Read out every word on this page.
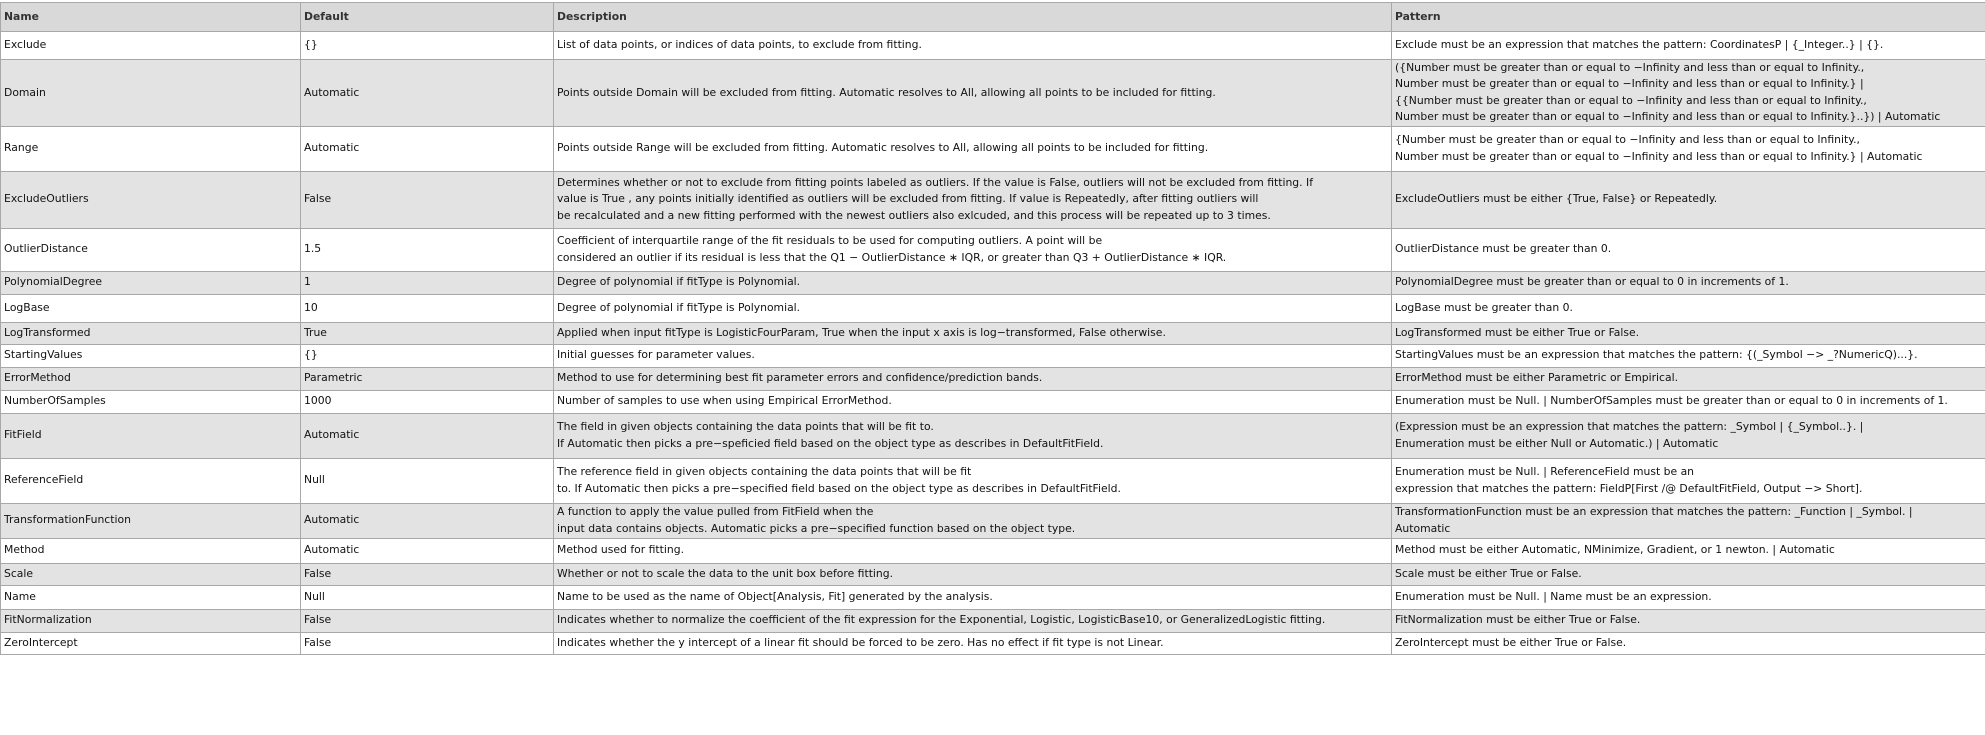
Name	Default	Description	Pattern
Exclude	{}	List of data points, or indices of data points, to exclude from fitting.	Exclude must be an expression that matches the pattern: CoordinatesP | {_Integer..} | {}.
Domain	Automatic	Points outside Domain will be excluded from fitting. Automatic resolves to All, allowing all points to be included for fitting.	({Number must be greater than or equal to −Infinity and less than or equal to Infinity.,
Number must be greater than or equal to −Infinity and less than or equal to Infinity.} |
{{Number must be greater than or equal to −Infinity and less than or equal to Infinity.,
Number must be greater than or equal to −Infinity and less than or equal to Infinity.}..}) | Automatic
Range	Automatic	Points outside Range will be excluded from fitting. Automatic resolves to All, allowing all points to be included for fitting.	{Number must be greater than or equal to −Infinity and less than or equal to Infinity.,
Number must be greater than or equal to −Infinity and less than or equal to Infinity.} | Automatic
ExcludeOutliers	False	Determines whether or not to exclude from fitting points labeled as outliers. If the value is False, outliers will not be excluded from fitting. If
value is True , any points initially identified as outliers will be excluded from fitting. If value is Repeatedly, after fitting outliers will
be recalculated and a new fitting performed with the newest outliers also exlcuded, and this process will be repeated up to 3 times.	ExcludeOutliers must be either {True, False} or Repeatedly.
OutlierDistance	1.5	Coefficient of interquartile range of the fit residuals to be used for computing outliers. A point will be
considered an outlier if its residual is less that the Q1 − OutlierDistance ∗ IQR, or greater than Q3 + OutlierDistance ∗ IQR.	OutlierDistance must be greater than 0.
PolynomialDegree	1	Degree of polynomial if fitType is Polynomial.	PolynomialDegree must be greater than or equal to 0 in increments of 1.
LogBase	10	Degree of polynomial if fitType is Polynomial.	LogBase must be greater than 0.
LogTransformed	True	Applied when input fitType is LogisticFourParam, True when the input x axis is log−transformed, False otherwise.	LogTransformed must be either True or False.
StartingValues	{}	Initial guesses for parameter values.	StartingValues must be an expression that matches the pattern: {(_Symbol −> _?NumericQ)...}.
ErrorMethod	Parametric	Method to use for determining best fit parameter errors and confidence/prediction bands.	ErrorMethod must be either Parametric or Empirical.
NumberOfSamples	1000	Number of samples to use when using Empirical ErrorMethod.	Enumeration must be Null. | NumberOfSamples must be greater than or equal to 0 in increments of 1.
FitField	Automatic	The field in given objects containing the data points that will be fit to.
If Automatic then picks a pre−speficied field based on the object type as describes in DefaultFitField.	(Expression must be an expression that matches the pattern: _Symbol | {_Symbol..}. |
Enumeration must be either Null or Automatic.) | Automatic
ReferenceField	Null	The reference field in given objects containing the data points that will be fit
to. If Automatic then picks a pre−specified field based on the object type as describes in DefaultFitField.	Enumeration must be Null. | ReferenceField must be an
expression that matches the pattern: FieldP[First /@ DefaultFitField, Output −> Short].
TransformationFunction	Automatic	A function to apply the value pulled from FitField when the
input data contains objects. Automatic picks a pre−specified function based on the object type.	TransformationFunction must be an expression that matches the pattern: _Function | _Symbol. |
Automatic
Method	Automatic	Method used for fitting.	Method must be either Automatic, NMinimize, Gradient, or 1 newton. | Automatic
Scale	False	Whether or not to scale the data to the unit box before fitting.	Scale must be either True or False.
Name	Null	Name to be used as the name of Object[Analysis, Fit] generated by the analysis.	Enumeration must be Null. | Name must be an expression.
FitNormalization	False	Indicates whether to normalize the coefficient of the fit expression for the Exponential, Logistic, LogisticBase10, or GeneralizedLogistic fitting.	FitNormalization must be either True or False.
ZeroIntercept	False	Indicates whether the y intercept of a linear fit should be forced to be zero. Has no effect if fit type is not Linear.	ZeroIntercept must be either True or False.
